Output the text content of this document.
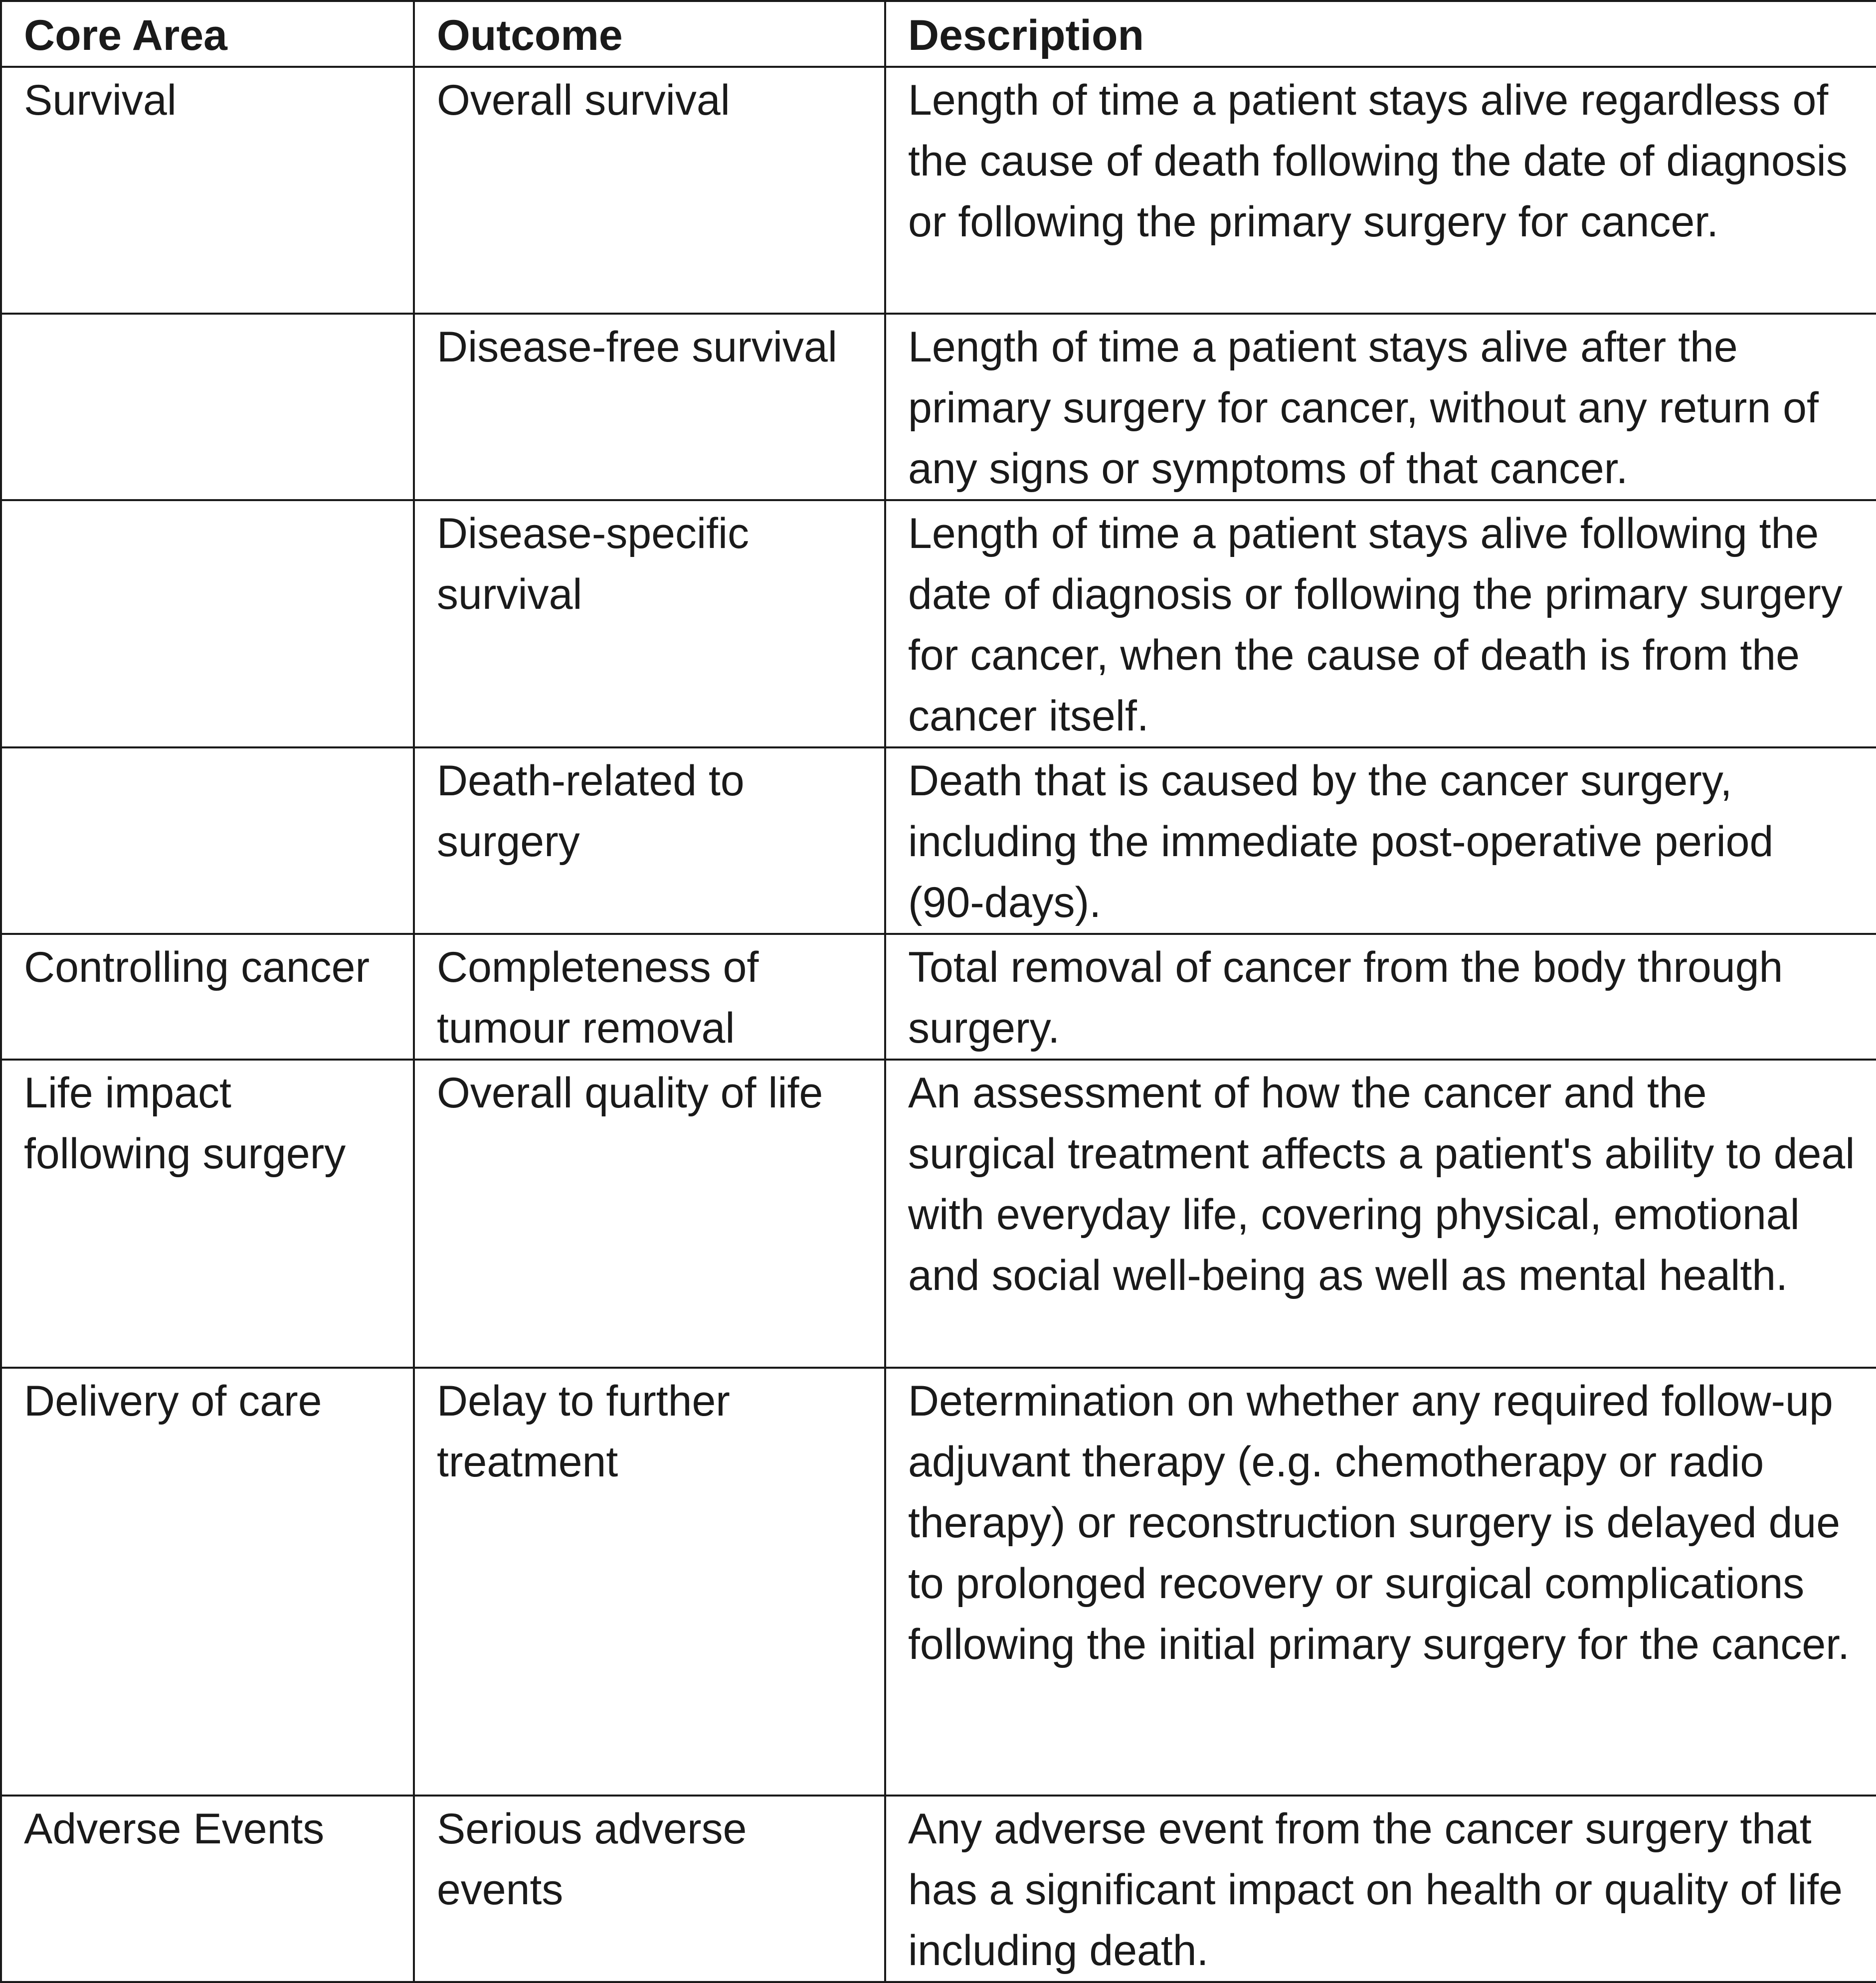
Core Area	Outcome	Description
Survival	Overall survival	Length of time a patient stays alive regardless of the cause of death following the date of diagnosis or following the primary surgery for cancer.
	Disease-free survival	Length of time a patient stays alive after the primary surgery for cancer, without any return of any signs or symptoms of that cancer.
	Disease-specific survival	Length of time a patient stays alive following the date of diagnosis or following the primary surgery for cancer, when the cause of death is from the cancer itself.
	Death-related to surgery	Death that is caused by the cancer surgery, including the immediate post-operative period (90-days).
Controlling cancer	Completeness of tumour removal	Total removal of cancer from the body through surgery.
Life impact following surgery	Overall quality of life	An assessment of how the cancer and the surgical treatment affects a patient's ability to deal with everyday life, covering physical, emotional and social well-being as well as mental health.
Delivery of care	Delay to further treatment	Determination on whether any required follow-up adjuvant therapy (e.g. chemotherapy or radio therapy) or reconstruction surgery is delayed due to prolonged recovery or surgical complications following the initial primary surgery for the cancer.
Adverse Events	Serious adverse events	Any adverse event from the cancer surgery that has a significant impact on health or quality of life including death.
